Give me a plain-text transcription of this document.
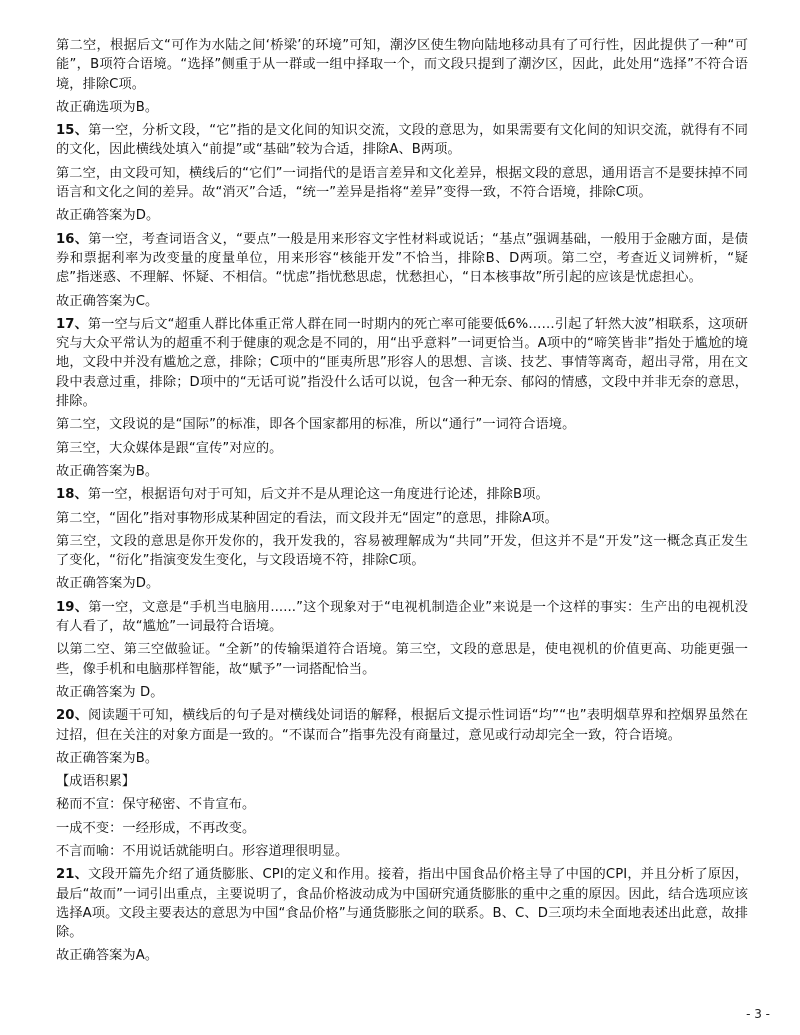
第二空，根据后文“可作为水陆之间‘桥梁’的环境”可知，潮汐区使生物向陆地移动具有了可行性，因此提供了一种“可能”，B项符合语境。“选择”侧重于从一群或一组中择取一个，而文段只提到了潮汐区，因此，此处用“选择”不符合语境，排除C项。

故正确选项为B。

15、第一空，分析文段，“它”指的是文化间的知识交流，文段的意思为，如果需要有文化间的知识交流，就得有不同的文化，因此横线处填入“前提”或“基础”较为合适，排除A、B两项。

第二空，由文段可知，横线后的“它们”一词指代的是语言差异和文化差异，根据文段的意思，通用语言不是要抹掉不同语言和文化之间的差异。故“消灭”合适，“统一”差异是指将“差异”变得一致，不符合语境，排除C项。

故正确答案为D。

16、第一空，考查词语含义，“要点”一般是用来形容文字性材料或说话；“基点”强调基础，一般用于金融方面，是债券和票据利率为改变量的度量单位，用来形容“核能开发”不恰当，排除B、D两项。第二空，考查近义词辨析，“疑虑”指迷惑、不理解、怀疑、不相信。“忧虑”指忧愁思虑，忧愁担心，“日本核事故”所引起的应该是忧虑担心。

故正确答案为C。

17、第一空与后文“超重人群比体重正常人群在同一时期内的死亡率可能要低6%……引起了轩然大波”相联系，这项研究与大众平常认为的超重不利于健康的观念是不同的，用“出乎意料”一词更恰当。A项中的“啼笑皆非”指处于尴尬的境地，文段中并没有尴尬之意，排除；C项中的“匪夷所思”形容人的思想、言谈、技艺、事情等离奇，超出寻常，用在文段中表意过重，排除；D项中的“无话可说”指没什么话可以说，包含一种无奈、郁闷的情感，文段中并非无奈的意思，排除。

第二空，文段说的是“国际”的标准，即各个国家都用的标准，所以“通行”一词符合语境。

第三空，大众媒体是跟“宣传”对应的。

故正确答案为B。

18、第一空，根据语句对于可知，后文并不是从理论这一角度进行论述，排除B项。

第二空，“固化”指对事物形成某种固定的看法，而文段并无“固定”的意思，排除A项。

第三空，文段的意思是你开发你的，我开发我的，容易被理解成为“共同”开发，但这并不是“开发”这一概念真正发生了变化，“衍化”指演变发生变化，与文段语境不符，排除C项。

故正确答案为D。

19、第一空，文意是“手机当电脑用......”这个现象对于“电视机制造企业”来说是一个这样的事实：生产出的电视机没有人看了，故“尴尬”一词最符合语境。

以第二空、第三空做验证。“全新”的传输渠道符合语境。第三空，文段的意思是，使电视机的价值更高、功能更强一些，像手机和电脑那样智能，故“赋予”一词搭配恰当。

故正确答案为 D。

20、阅读题干可知，横线后的句子是对横线处词语的解释，根据后文提示性词语“均”“也”表明烟草界和控烟界虽然在过招，但在关注的对象方面是一致的。“不谋而合”指事先没有商量过，意见或行动却完全一致，符合语境。

故正确答案为B。

【成语积累】

秘而不宣：保守秘密、不肯宣布。

一成不变：一经形成，不再改变。

不言而喻：不用说话就能明白。形容道理很明显。

21、文段开篇先介绍了通货膨胀、CPI的定义和作用。接着，指出中国食品价格主导了中国的CPI，并且分析了原因，最后“故而”一词引出重点，主要说明了，食品价格波动成为中国研究通货膨胀的重中之重的原因。因此，结合选项应该选择A项。文段主要表达的意思为中国“食品价格”与通货膨胀之间的联系。B、C、D三项均未全面地表述出此意，故排除。

故正确答案为A。

- 3 -
